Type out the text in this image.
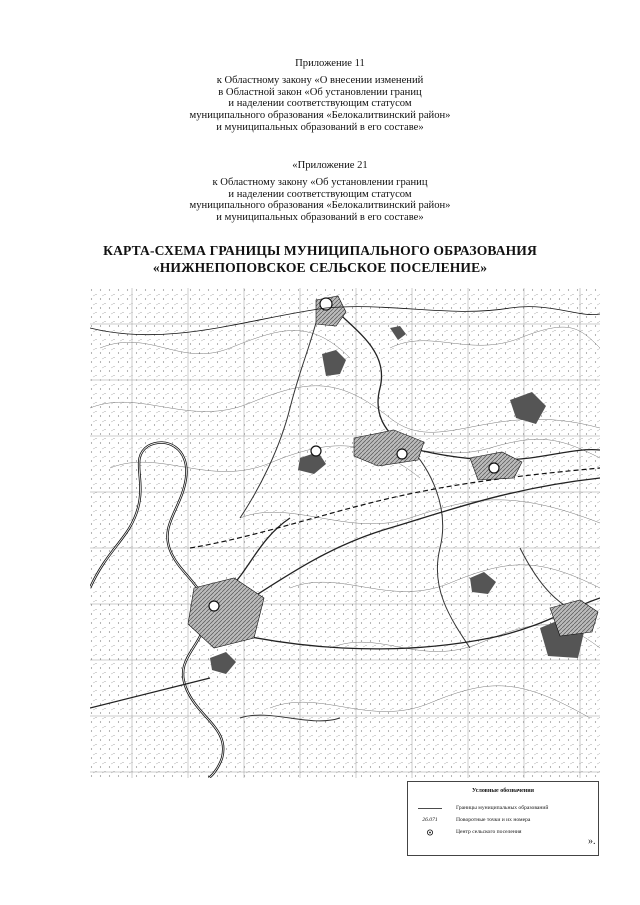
Приложение 11
к Областному закону «О внесении изменений
в Областной закон «Об установлении границ
и наделении соответствующим статусом
муниципального образования «Белокалитвинский район»
и муниципальных образований в его составе»
«Приложение 21
к Областному закону «Об установлении границ
и наделении соответствующим статусом
муниципального образования «Белокалитвинский район»
и муниципальных образований в его составе»
КАРТА-СХЕМА ГРАНИЦЫ МУНИЦИПАЛЬНОГО ОБРАЗОВАНИЯ
«НИЖНЕПОПОВСКОЕ СЕЛЬСКОЕ ПОСЕЛЕНИЕ»
Условные обозначения
Границы муниципальных образований
26.071	Поворотные точки и их номера
Центр сельского поселения
».
